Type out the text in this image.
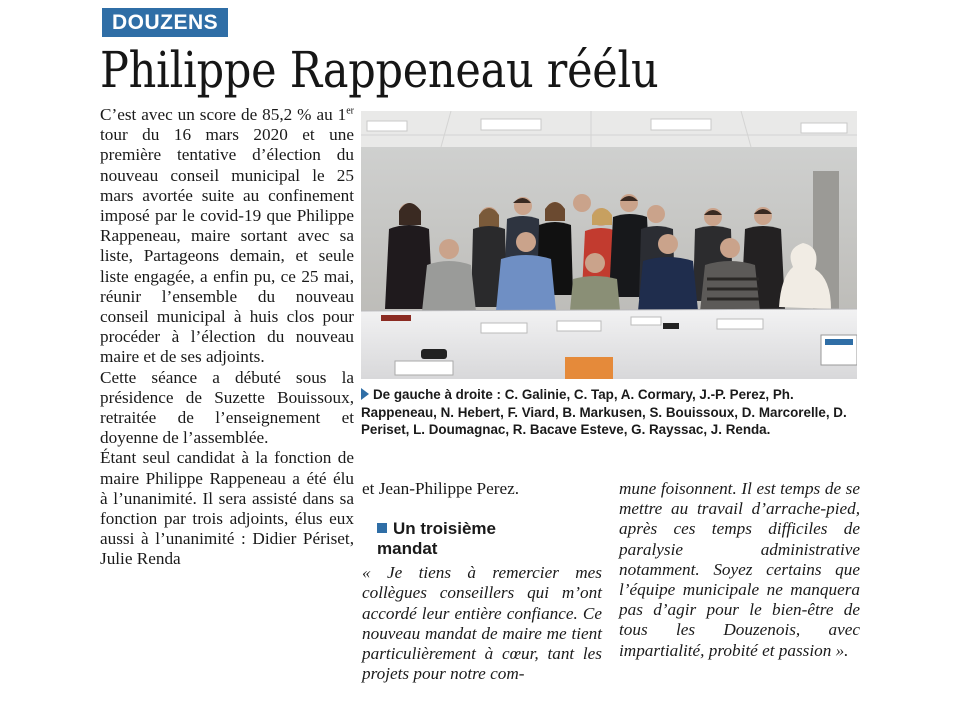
DOUZENS
Philippe Rappeneau réélu

C’est avec un score de 85,2 % au 1er tour du 16 mars 2020 et une première tentative d’élection du nouveau conseil municipal le 25 mars avortée suite au confinement imposé par le covid-19 que Philippe Rappeneau, maire sortant avec sa liste, Partageons demain, et seule liste engagée, a enfin pu, ce 25 mai, réunir l’ensemble du nouveau conseil municipal à huis clos pour procéder à l’élection du nouveau maire et de ses adjoints.

Cette séance a débuté sous la présidence de Suzette Bouissoux, retraitée de l’enseignement et doyenne de l’assemblée.

Étant seul candidat à la fonction de maire Philippe Rappeneau a été élu à l’unanimité. Il sera assisté dans sa fonction par trois adjoints, élus eux aussi à l’unanimité : Didier Périset, Julie Renda

De gauche à droite : C. Galinie, C. Tap, A. Cormary, J.-P. Perez, Ph. Rappeneau, N. Hebert, F. Viard, B. Markusen, S. Bouissoux, D. Marcorelle, D. Periset, L. Doumagnac, R. Bacave Esteve, G. Rayssac, J. Renda.

et Jean-Philippe Perez.

Un troisième
mandat

« Je tiens à remercier mes collègues conseillers qui m’ont accordé leur entière confiance. Ce nouveau mandat de maire me tient particulièrement à cœur, tant les projets pour notre com-

mune foisonnent. Il est temps de se mettre au travail d’arrache-pied, après ces temps difficiles de paralysie administrative notamment. Soyez certains que l’équipe municipale ne manquera pas d’agir pour le bien-être de tous les Douzenois, avec impartialité, probité et passion ».
